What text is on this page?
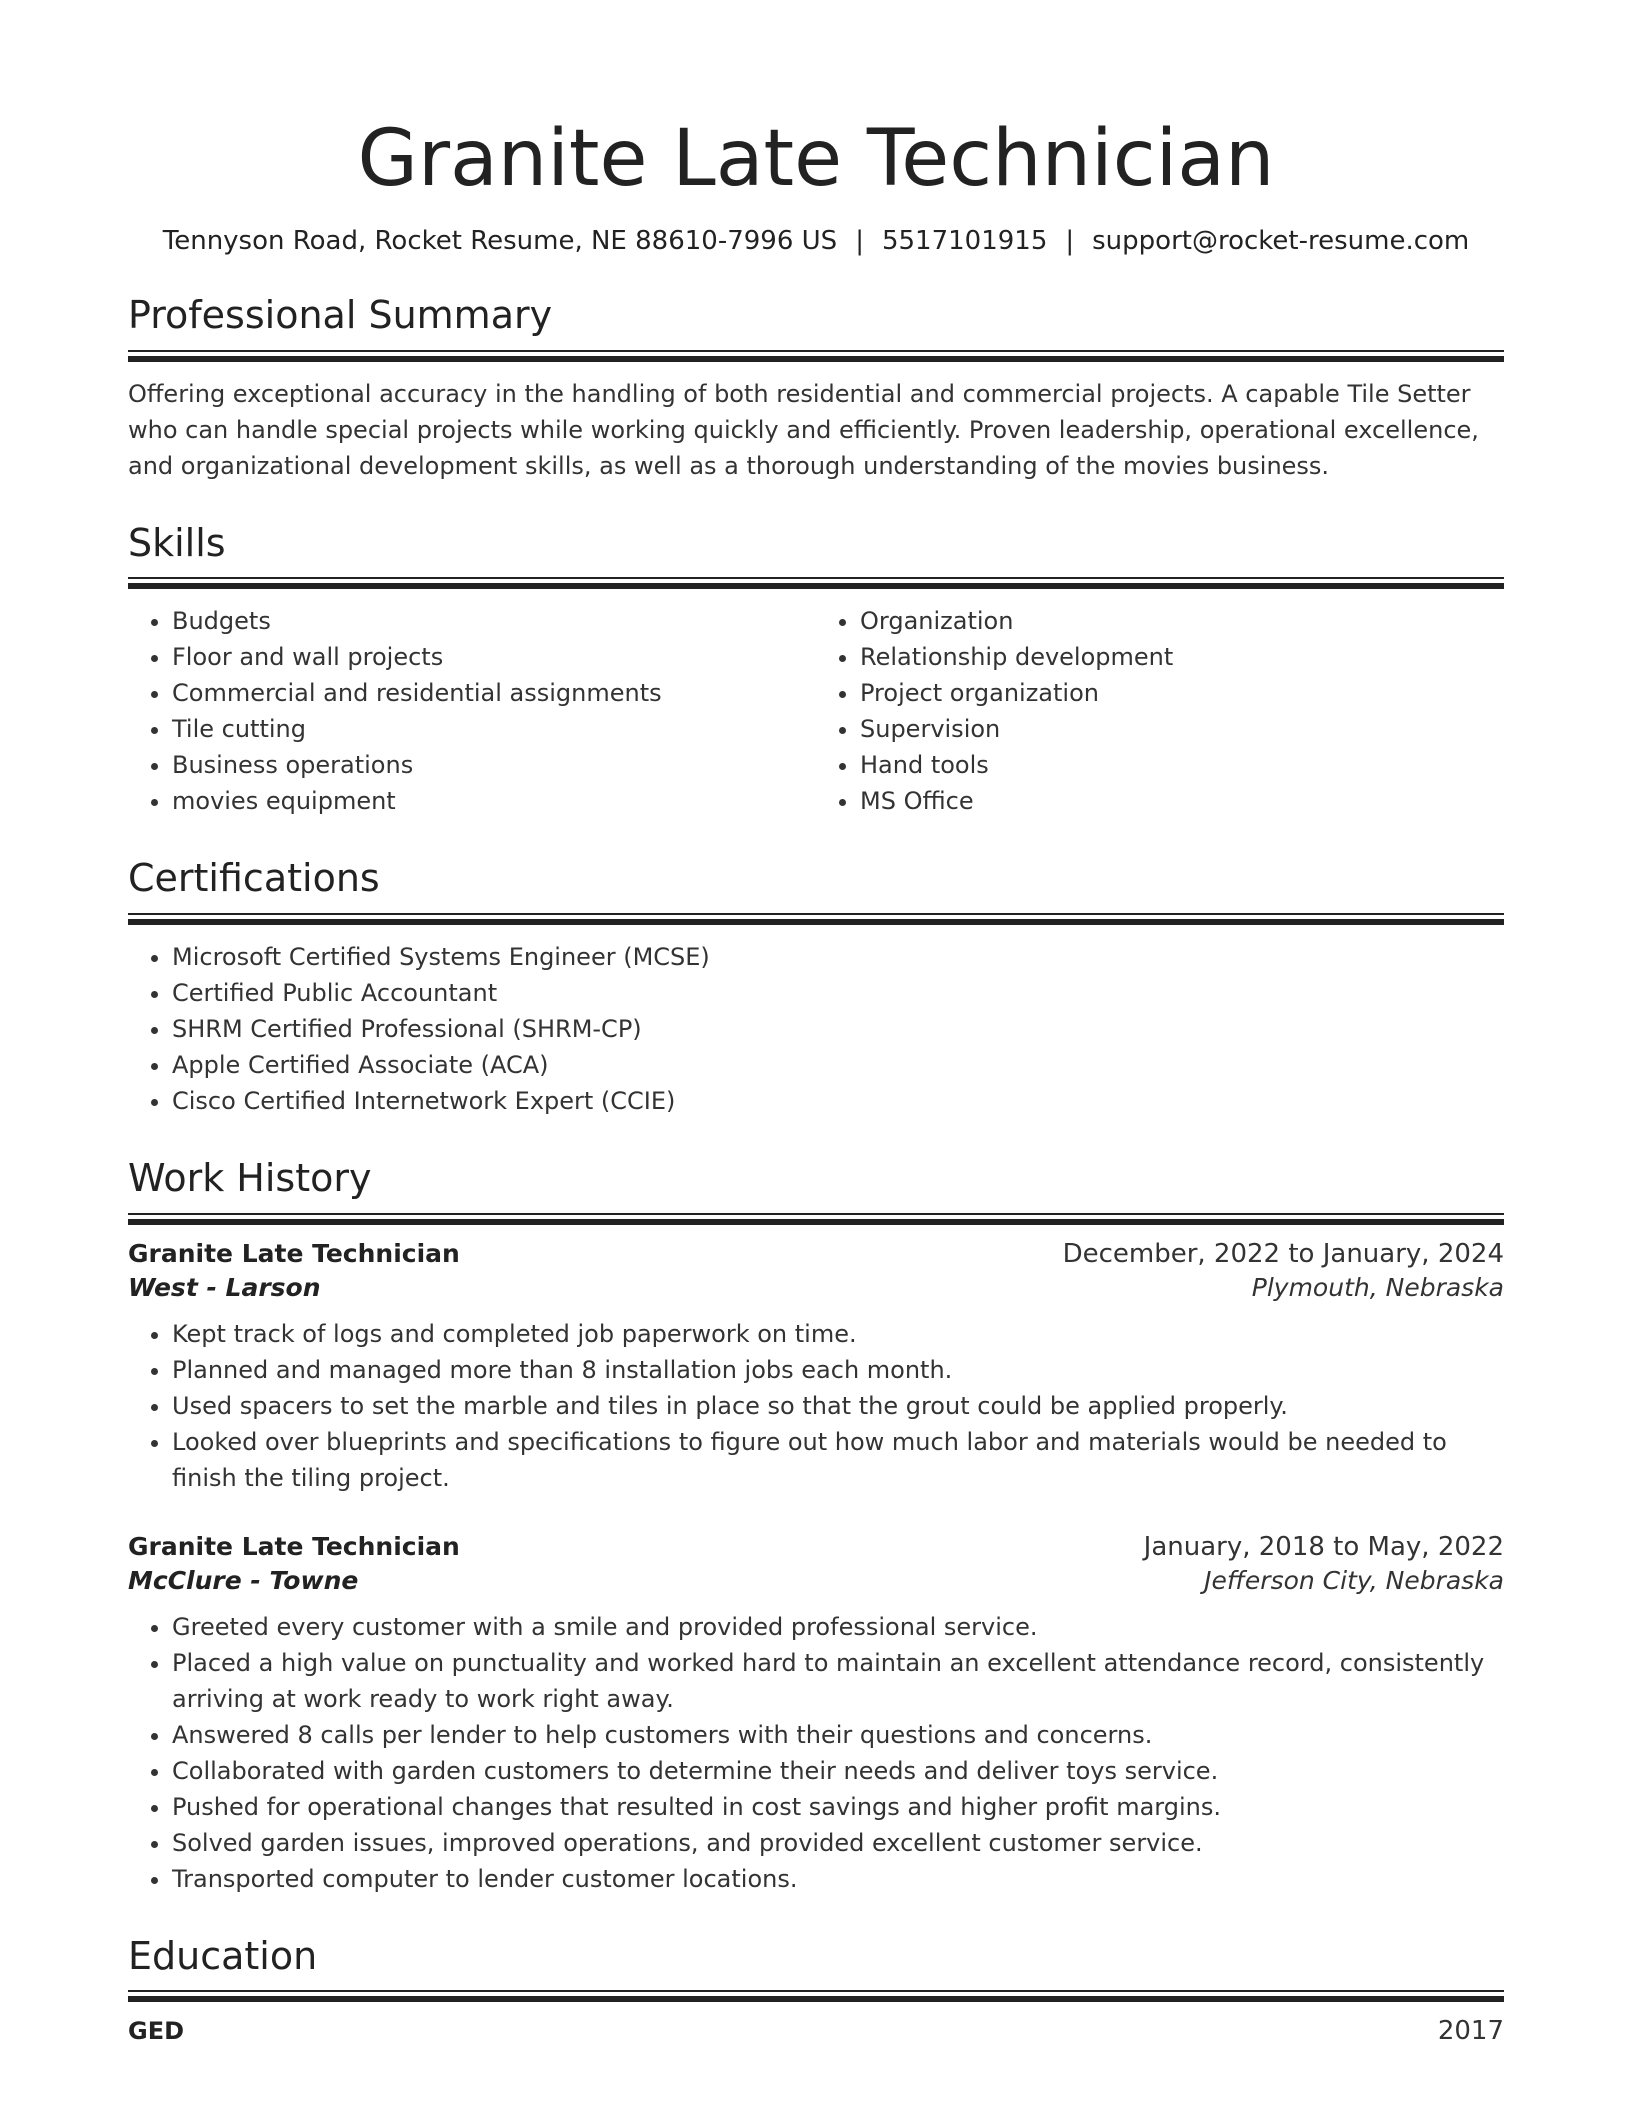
Granite Late Technician
Tennyson Road, Rocket Resume, NE 88610-7996 US | 5517101915 | support@rocket-resume.com
Professional Summary

Offering exceptional accuracy in the handling of both residential and commercial projects. A capable Tile Setter who can handle special projects while working quickly and efficiently. Proven leadership, operational excellence, and organizational development skills, as well as a thorough understanding of the movies business.

Skills
• Budgets
• Floor and wall projects
• Commercial and residential assignments
• Tile cutting
• Business operations
• movies equipment
• Organization
• Relationship development
• Project organization
• Supervision
• Hand tools
• MS Office
Certifications
• Microsoft Certified Systems Engineer (MCSE)
• Certified Public Accountant
• SHRM Certified Professional (SHRM-CP)
• Apple Certified Associate (ACA)
• Cisco Certified Internetwork Expert (CCIE)
Work History
Granite Late Technician	December, 2022 to January, 2024
West - Larson	Plymouth, Nebraska
• Kept track of logs and completed job paperwork on time.
• Planned and managed more than 8 installation jobs each month.
• Used spacers to set the marble and tiles in place so that the grout could be applied properly.
• Looked over blueprints and specifications to figure out how much labor and materials would be needed to finish the tiling project.
Granite Late Technician	January, 2018 to May, 2022
McClure - Towne	Jefferson City, Nebraska
• Greeted every customer with a smile and provided professional service.
• Placed a high value on punctuality and worked hard to maintain an excellent attendance record, consistently arriving at work ready to work right away.
• Answered 8 calls per lender to help customers with their questions and concerns.
• Collaborated with garden customers to determine their needs and deliver toys service.
• Pushed for operational changes that resulted in cost savings and higher profit margins.
• Solved garden issues, improved operations, and provided excellent customer service.
• Transported computer to lender customer locations.
Education
GED	2017
